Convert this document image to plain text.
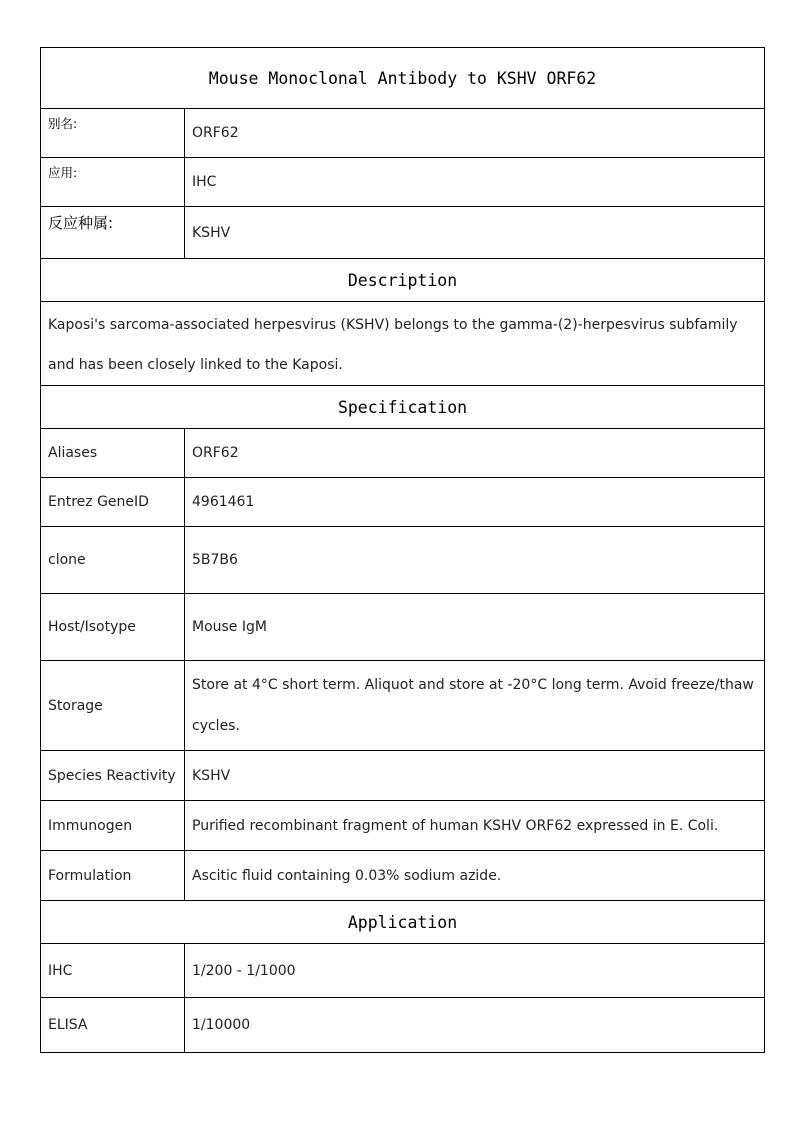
Mouse Monoclonal Antibody to KSHV ORF62	
别名:	ORF62
应用:	IHC
反应种属:	KSHV
Description	
Kaposi's sarcoma-associated herpesvirus (KSHV) belongs to the gamma-(2)-herpesvirus subfamily and has been closely linked to the Kaposi.	
Specification	
Aliases	ORF62
Entrez GeneID	4961461
clone	5B7B6
Host/Isotype	Mouse IgM
Storage	Store at 4°C short term. Aliquot and store at -20°C long term. Avoid freeze/thaw cycles.
Species Reactivity	KSHV
Immunogen	Purified recombinant fragment of human KSHV ORF62 expressed in E. Coli.
Formulation	Ascitic fluid containing 0.03% sodium azide.
Application	
IHC	1/200 - 1/1000
ELISA	1/10000
